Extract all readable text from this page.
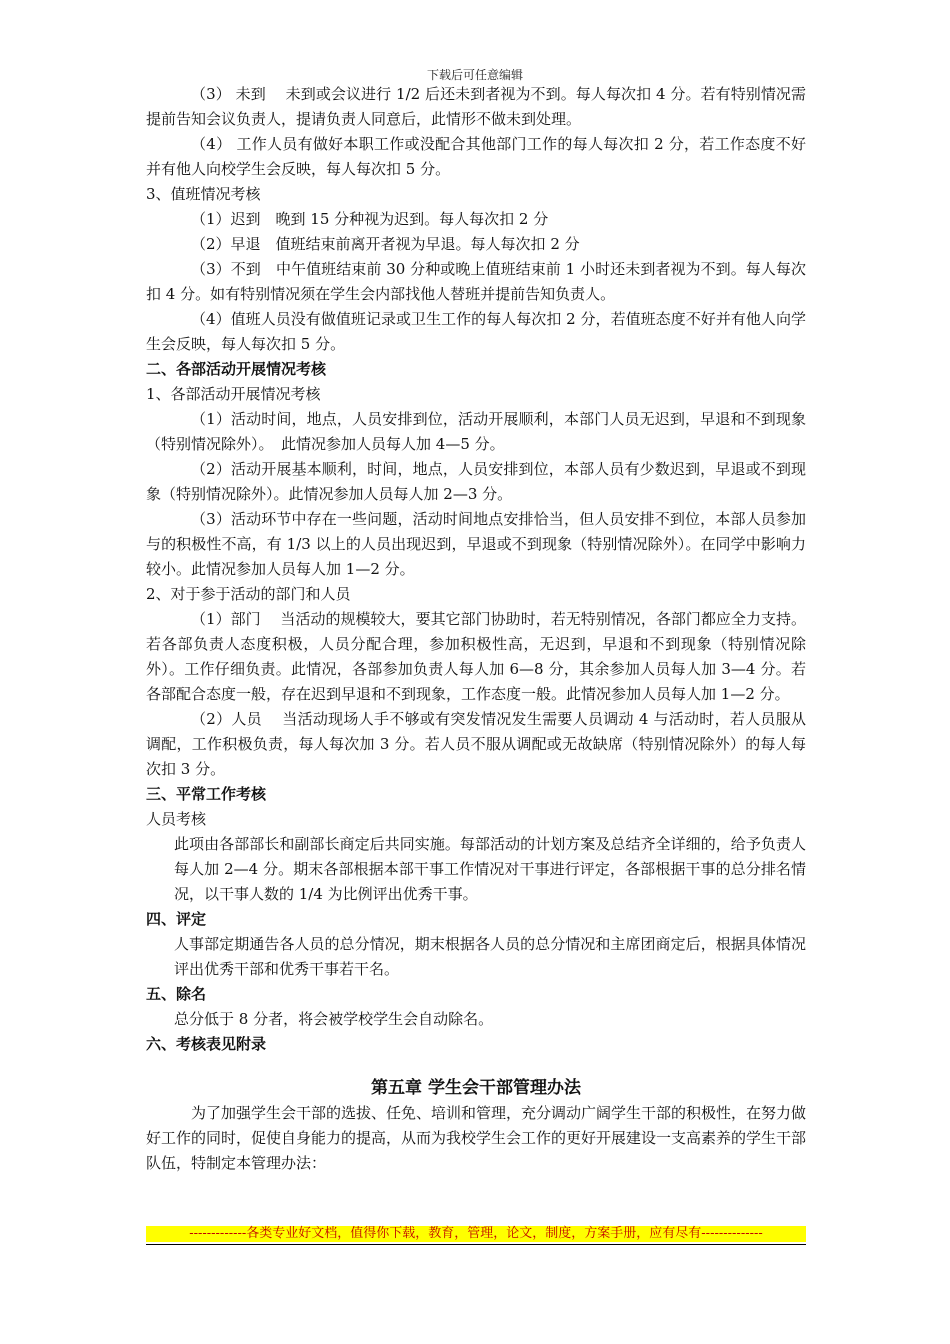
下载后可任意编辑

（3） 未到　 未到或会议进行 1/2 后还未到者视为不到。每人每次扣 4 分。若有特别情况需提前告知会议负责人，提请负责人同意后，此情形不做未到处理。

（4） 工作人员有做好本职工作或没配合其他部门工作的每人每次扣 2 分，若工作态度不好并有他人向校学生会反映，每人每次扣 5 分。

3、值班情况考核

（1）迟到　晚到 15 分种视为迟到。每人每次扣 2 分

（2）早退　值班结束前离开者视为早退。每人每次扣 2 分

（3）不到　中午值班结束前 30 分种或晚上值班结束前 1 小时还未到者视为不到。每人每次扣 4 分。如有特别情况须在学生会内部找他人替班并提前告知负责人。

（4）值班人员没有做值班记录或卫生工作的每人每次扣 2 分，若值班态度不好并有他人向学生会反映，每人每次扣 5 分。

二、各部活动开展情况考核

1、各部活动开展情况考核

（1）活动时间，地点，人员安排到位，活动开展顺利，本部门人员无迟到，早退和不到现象（特别情况除外）。　此情况参加人员每人加 4—5 分。

（2）活动开展基本顺利，时间，地点，人员安排到位，本部人员有少数迟到，早退或不到现象（特别情况除外）。此情况参加人员每人加 2—3 分。

（3）活动环节中存在一些问题，活动时间地点安排恰当，但人员安排不到位，本部人员参加与的积极性不高，有 1/3 以上的人员出现迟到，早退或不到现象（特别情况除外）。在同学中影响力较小。此情况参加人员每人加 1—2 分。

2、对于参于活动的部门和人员

（1）部门　 当活动的规模较大，要其它部门协助时，若无特别情况，各部门都应全力支持。若各部负责人态度积极，人员分配合理，参加积极性高，无迟到，早退和不到现象（特别情况除外）。工作仔细负责。此情况，各部参加负责人每人加 6—8 分，其余参加人员每人加 3—4 分。若各部配合态度一般，存在迟到早退和不到现象，工作态度一般。此情况参加人员每人加 1—2 分。

（2）人员　 当活动现场人手不够或有突发情况发生需要人员调动 4 与活动时，若人员服从调配，工作积极负责，每人每次加 3 分。若人员不服从调配或无故缺席（特别情况除外）的每人每次扣 3 分。

三、平常工作考核

人员考核

此项由各部部长和副部长商定后共同实施。每部活动的计划方案及总结齐全详细的，给予负责人每人加 2—4 分。期末各部根据本部干事工作情况对干事进行评定，各部根据干事的总分排名情况，以干事人数的 1/4 为比例评出优秀干事。

四、评定

人事部定期通告各人员的总分情况，期末根据各人员的总分情况和主席团商定后，根据具体情况评出优秀干部和优秀干事若干名。

五、除名

总分低于 8 分者，将会被学校学生会自动除名。

六、考核表见附录

第五章 学生会干部管理办法

为了加强学生会干部的选拔、任免、培训和管理，充分调动广阔学生干部的积极性，在努力做好工作的同时，促使自身能力的提高，从而为我校学生会工作的更好开展建设一支高素养的学生干部队伍，特制定本管理办法：

-------------各类专业好文档，值得你下载，教育，管理，论文，制度，方案手册，应有尽有--------------
